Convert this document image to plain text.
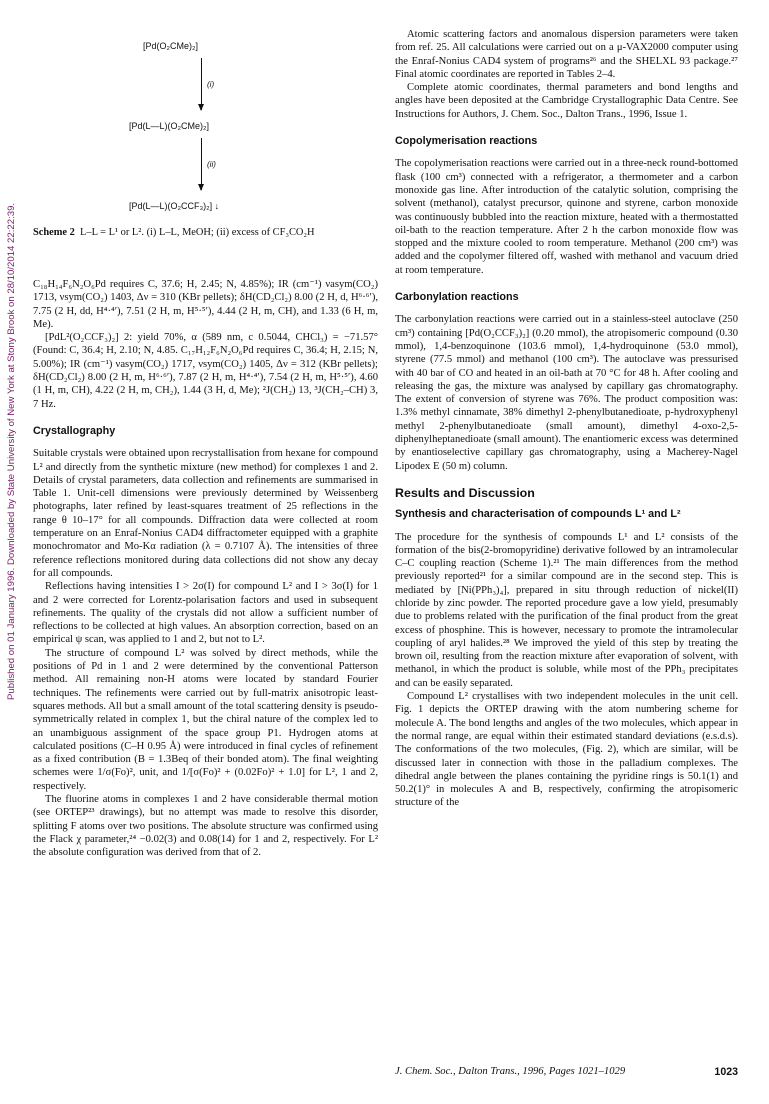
Published on 01 January 1996. Downloaded by State University of New York at Stony Brook on 28/10/2014 22:22:39.
[Pd(O₂CMe)₂]
(i)
[Pd(L—L)(O₂CMe)₂]
(ii)
[Pd(L—L)(O₂CCF₃)₂] ↓
Scheme 2 L–L = L¹ or L². (i) L–L, MeOH; (ii) excess of CF₃CO₂H

C₁₈H₁₄F₆N₂O₆Pd requires C, 37.6; H, 2.45; N, 4.85%); IR (cm⁻¹) νasym(CO₂) 1713, νsym(CO₂) 1403, Δν = 310 (KBr pellets); δH(CD₂Cl₂) 8.00 (2 H, d, H⁶·⁶′), 7.75 (2 H, dd, H⁴·⁴′), 7.51 (2 H, m, H⁵·⁵′), 4.44 (2 H, m, CH), and 1.33 (6 H, m, Me).

[PdL²(O₂CCF₃)₂] 2: yield 70%, α (589 nm, c 0.5044, CHCl₃) = −71.57° (Found: C, 36.4; H, 2.10; N, 4.85. C₁₇H₁₂F₆N₂O₆Pd requires C, 36.4; H, 2.15; N, 5.00%); IR (cm⁻¹) νasym(CO₂) 1717, νsym(CO₂) 1405, Δν = 312 (KBr pellets); δH(CD₂Cl₂) 8.00 (2 H, m, H⁶·⁶′), 7.87 (2 H, m, H⁴·⁴′), 7.54 (2 H, m, H⁵·⁵′), 4.60 (1 H, m, CH), 4.22 (2 H, m, CH₂), 1.44 (3 H, d, Me); ²J(CH₂) 13, ³J(CH₂–CH) 3, 7 Hz.

Crystallography

Suitable crystals were obtained upon recrystallisation from hexane for compound L² and directly from the synthetic mixture (new method) for complexes 1 and 2. Details of crystal parameters, data collection and refinements are summarised in Table 1. Unit-cell dimensions were previously determined by Weissenberg photographs, later refined by least-squares treatment of 25 reflections in the range θ 10–17° for all compounds. Diffraction data were collected at room temperature on an Enraf-Nonius CAD4 diffractometer equipped with a graphite monochromator and Mo-Kα radiation (λ = 0.7107 Å). The intensities of three reference reflections monitored during data collections did not show any decay for all compounds.

Reflections having intensities I > 2σ(I) for compound L² and I > 3σ(I) for 1 and 2 were corrected for Lorentz-polarisation factors and used in subsequent refinements. The quality of the crystals did not allow a sufficient number of reflections to be collected at high values. An absorption correction, based on an empirical ψ scan, was applied to 1 and 2, but not to L².

The structure of compound L² was solved by direct methods, while the positions of Pd in 1 and 2 were determined by the conventional Patterson method. All remaining non-H atoms were located by standard Fourier techniques. The refinements were carried out by full-matrix anisotropic least-squares methods. All but a small amount of the total scattering density is pseudo-symmetrically related in complex 1, but the chiral nature of the complex led to an unambiguous assignment of the space group P1. Hydrogen atoms at calculated positions (C–H 0.95 Å) were introduced in final cycles of refinement as a fixed contribution (B = 1.3Beq of their bonded atom). The final weighting schemes were 1/σ(Fo)², unit, and 1/[σ(Fo)² + (0.02Fo)² + 1.0] for L², 1 and 2, respectively.

The fluorine atoms in complexes 1 and 2 have considerable thermal motion (see ORTEP²³ drawings), but no attempt was made to resolve this disorder, splitting F atoms over two positions. The absolute structure was confirmed using the Flack χ parameter,²⁴ −0.02(3) and 0.08(14) for 1 and 2, respectively. For L² the absolute configuration was derived from that of 2.

Atomic scattering factors and anomalous dispersion parameters were taken from ref. 25. All calculations were carried out on a μ-VAX2000 computer using the Enraf-Nonius CAD4 system of programs²⁶ and the SHELXL 93 package.²⁷ Final atomic coordinates are reported in Tables 2–4.

Complete atomic coordinates, thermal parameters and bond lengths and angles have been deposited at the Cambridge Crystallographic Data Centre. See Instructions for Authors, J. Chem. Soc., Dalton Trans., 1996, Issue 1.

Copolymerisation reactions

The copolymerisation reactions were carried out in a three-neck round-bottomed flask (100 cm³) connected with a refrigerator, a thermometer and a carbon monoxide gas line. After introduction of the catalytic solution, comprising the solvent (methanol), catalyst precursor, quinone and styrene, carbon monoxide was continuously bubbled into the reaction mixture, heated with a thermostatted oil-bath to the reaction temperature. After 2 h the carbon monoxide flow was stopped and the mixture cooled to room temperature. Methanol (200 cm³) was added and the copolymer filtered off, washed with methanol and vacuum dried at room temperature.

Carbonylation reactions

The carbonylation reactions were carried out in a stainless-steel autoclave (250 cm³) containing [Pd(O₂CCF₃)₂] (0.20 mmol), the atropisomeric compound (0.30 mmol), 1,4-benzoquinone (103.6 mmol), 1,4-hydroquinone (53.0 mmol), styrene (77.5 mmol) and methanol (100 cm³). The autoclave was pressurised with 40 bar of CO and heated in an oil-bath at 70 °C for 48 h. After cooling and releasing the gas, the mixture was analysed by capillary gas chromatography. The extent of conversion of styrene was 76%. The product composition was: 1.3% methyl cinnamate, 38% dimethyl 2-phenylbutanedioate, p-hydroxyphenyl methyl 2-phenylbutanedioate (small amount), dimethyl 4-oxo-2,5-diphenylheptanedioate (small amount). The enantiomeric excess was determined by enantioselective capillary gas chromatography, using a Macherey-Nagel Lipodex E (50 m) column.

Results and Discussion
Synthesis and characterisation of compounds L¹ and L²

The procedure for the synthesis of compounds L¹ and L² consists of the formation of the bis(2-bromopyridine) derivative followed by an intramolecular C–C coupling reaction (Scheme 1).²¹ The main differences from the method previously reported²¹ for a similar compound are in the second step. This is mediated by [Ni(PPh₃)₄], prepared in situ through reduction of nickel(II) chloride by zinc powder. The reported procedure gave a low yield, presumably due to problems related with the purification of the final product from the great excess of phosphine. This is however, necessary to promote the intramolecular coupling of aryl halides.²⁸ We improved the yield of this step by treating the brown oil, resulting from the reaction mixture after evaporation of solvent, with methanol, in which the product is soluble, while most of the PPh₃ precipitates and can be easily separated.

Compound L² crystallises with two independent molecules in the unit cell. Fig. 1 depicts the ORTEP drawing with the atom numbering scheme for molecule A. The bond lengths and angles of the two molecules, which appear in the normal range, are equal within their estimated standard deviations (e.s.d.s). The conformations of the two molecules, (Fig. 2), which are similar, will be discussed later in connection with those in the palladium complexes. The dihedral angle between the planes containing the pyridine rings is 50.1(1) and 50.2(1)° in molecules A and B, respectively, confirming the atropisomeric structure of the

J. Chem. Soc., Dalton Trans., 1996, Pages 1021–1029	1023
